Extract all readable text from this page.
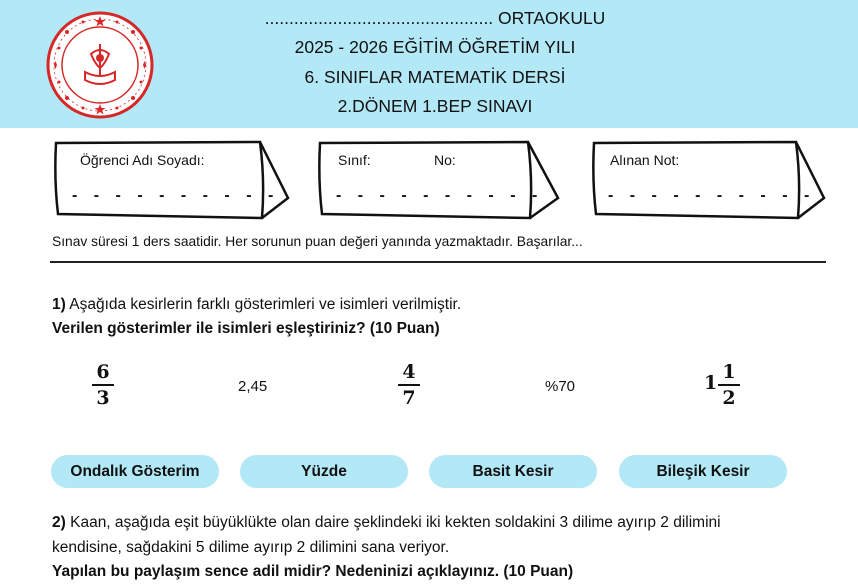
............................................... ORTAOKULU
2025 - 2026 EĞİTİM ÖĞRETİM YILI
6. SINIFLAR MATEMATİK DERSİ
2.DÖNEM 1.BEP SINAVI
Öğrenci Adı Soyadı:
- - - - - - - - - -
Sınıf:	No:
- - - - - - - - - -
Alınan Not:
- - - - - - - - - -
Sınav süresi 1 ders saatidir. Her sorunun puan değeri yanında yazmaktadır. Başarılar...
1) Aşağıda kesirlerin farklı gösterimleri ve isimleri verilmiştir.
Verilen gösterimler ile isimleri eşleştiriniz? (10 Puan)
6
3
2,45
4
7
%70	1 1
2
Ondalık Gösterim	Yüzde	Basit Kesir	Bileşik Kesir
2) Kaan, aşağıda eşit büyüklükte olan daire şeklindeki iki kekten soldakini 3 dilime ayırıp 2 dilimini
kendisine, sağdakini 5 dilime ayırıp 2 dilimini sana veriyor.
Yapılan bu paylaşım sence adil midir? Nedeninizi açıklayınız. (10 Puan)
